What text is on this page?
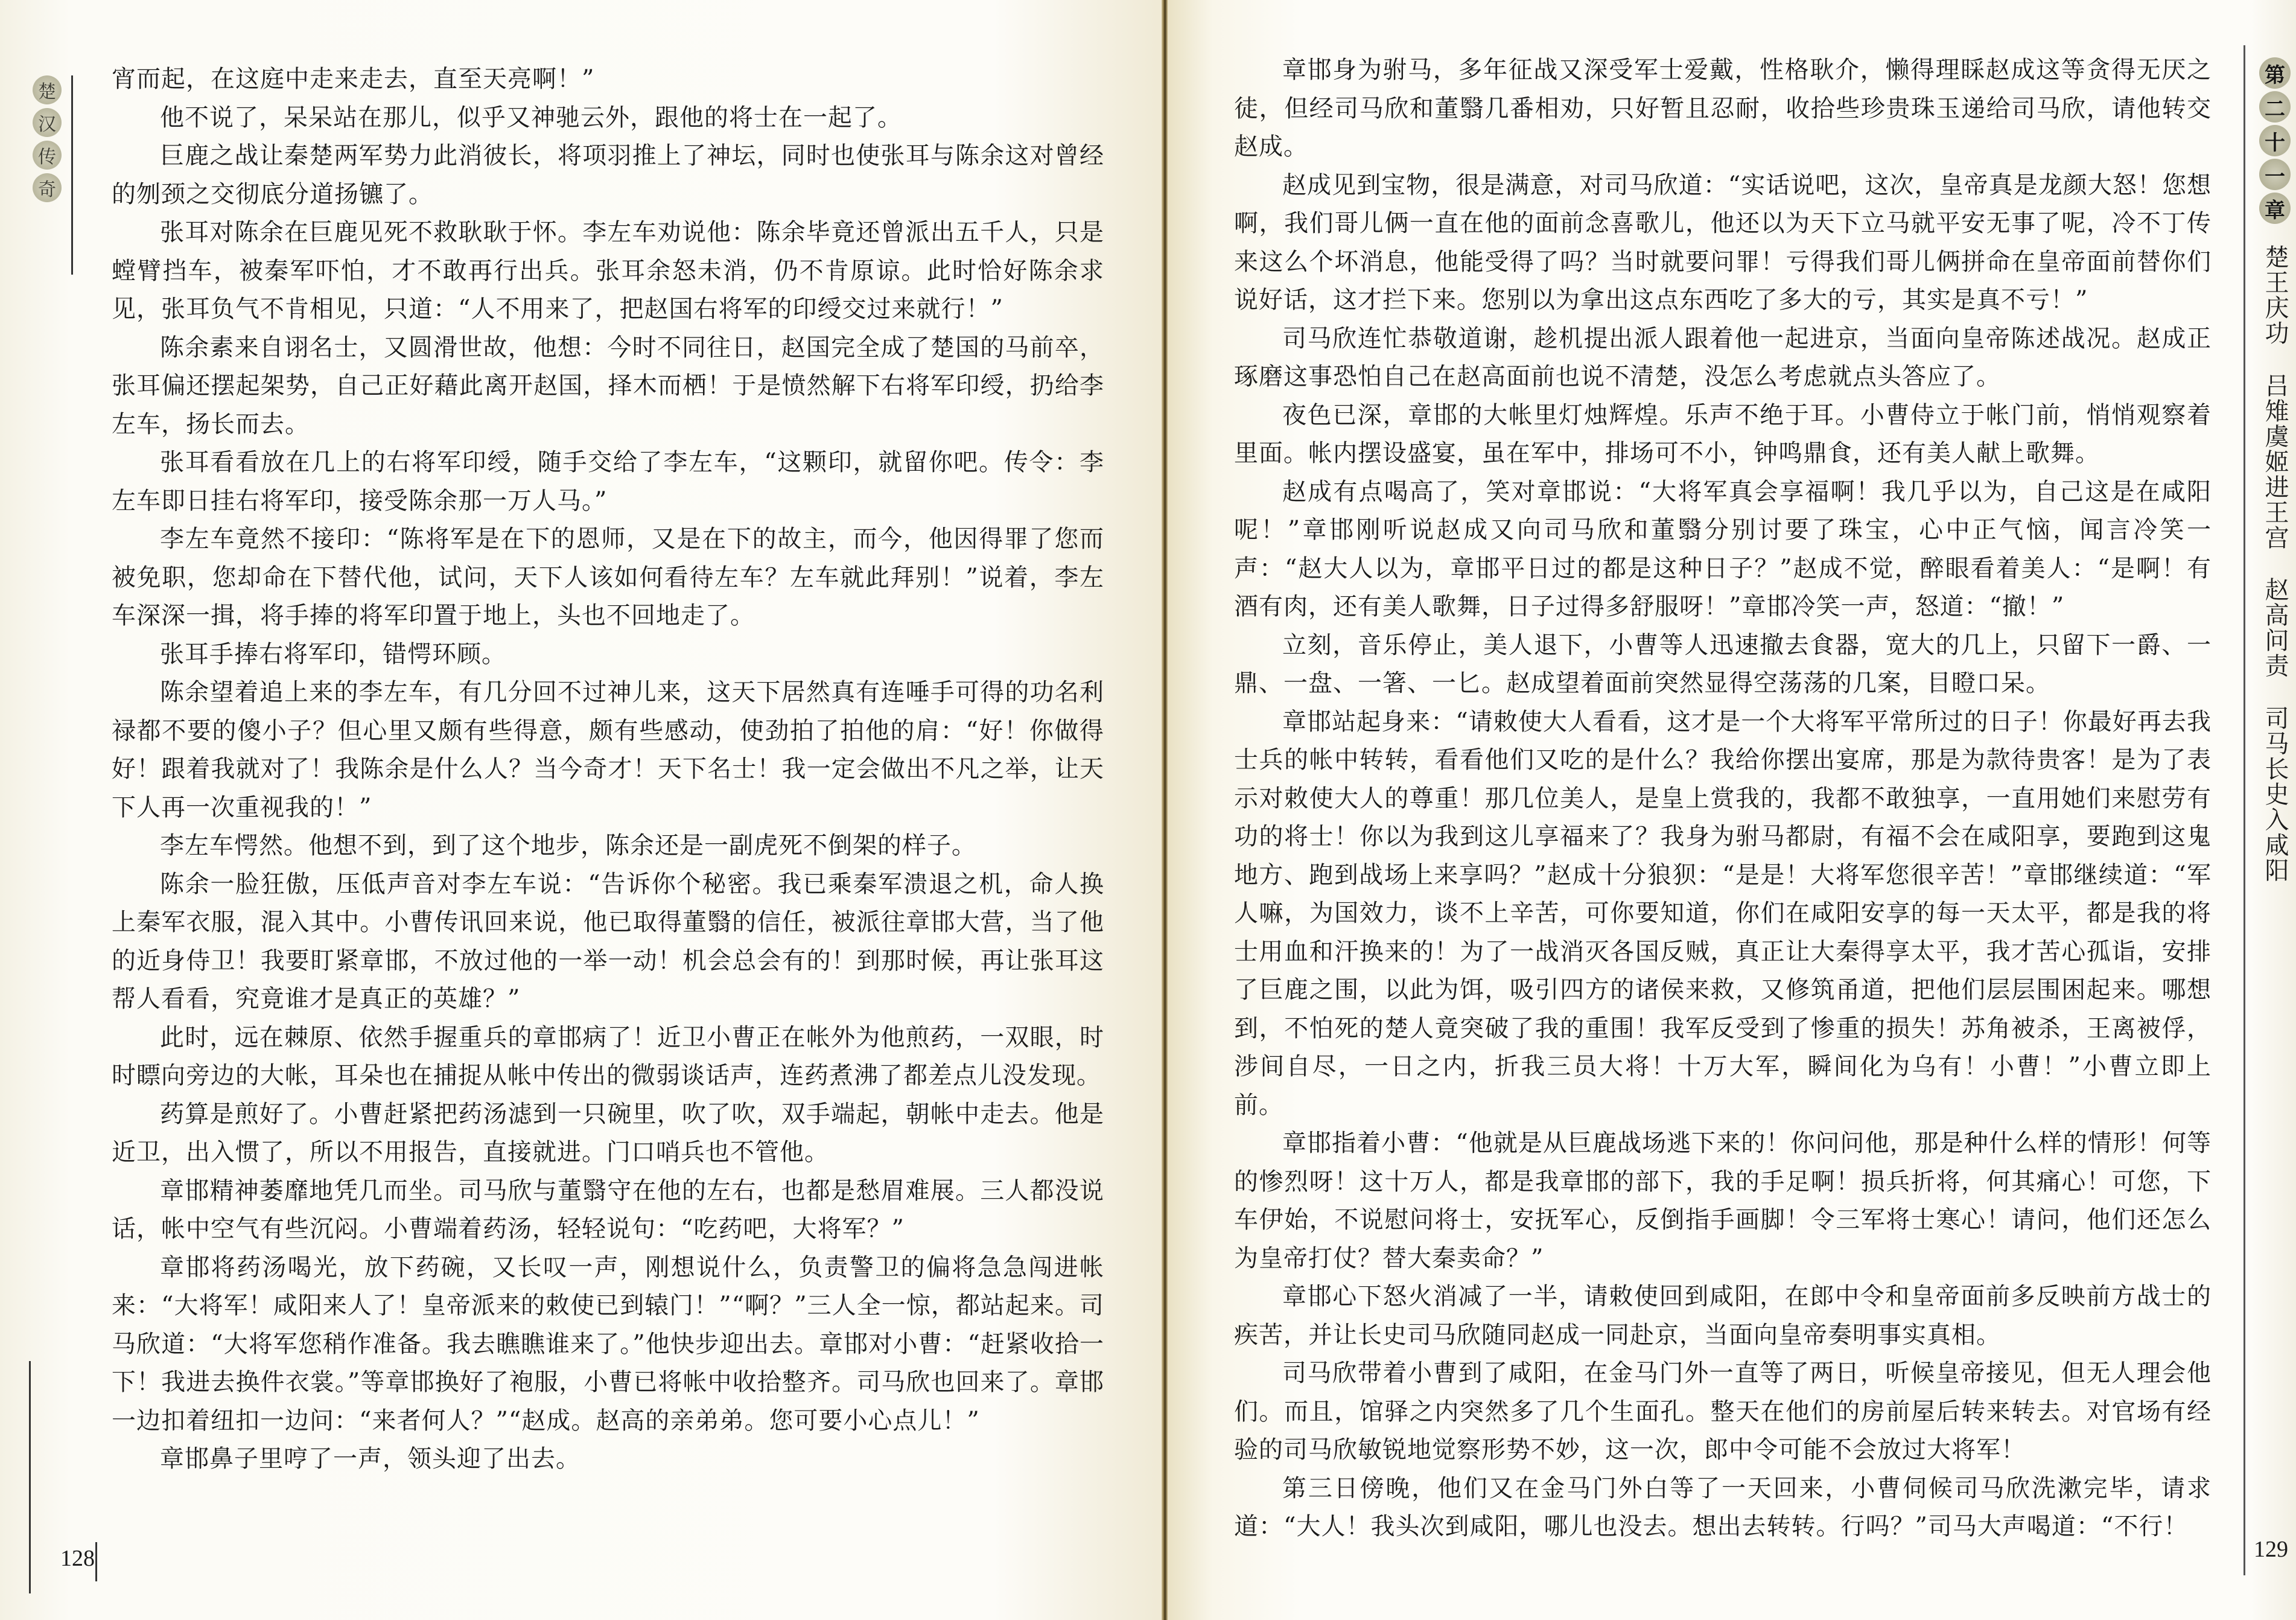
楚
汉
传
奇

宵而起，在这庭中走来走去，直至天亮啊！”

他不说了，呆呆站在那儿，似乎又神驰云外，跟他的将士在一起了。

巨鹿之战让秦楚两军势力此消彼长，将项羽推上了神坛，同时也使张耳与陈余这对曾经的刎颈之交彻底分道扬镳了。

张耳对陈余在巨鹿见死不救耿耿于怀。李左车劝说他：陈余毕竟还曾派出五千人，只是螳臂挡车，被秦军吓怕，才不敢再行出兵。张耳余怒未消，仍不肯原谅。此时恰好陈余求见，张耳负气不肯相见，只道：“人不用来了，把赵国右将军的印绶交过来就行！”

陈余素来自诩名士，又圆滑世故，他想：今时不同往日，赵国完全成了楚国的马前卒，张耳偏还摆起架势，自己正好藉此离开赵国，择木而栖！于是愤然解下右将军印绶，扔给李左车，扬长而去。

张耳看看放在几上的右将军印绶，随手交给了李左车，“这颗印，就留你吧。传令：李左车即日挂右将军印，接受陈余那一万人马。”

李左车竟然不接印：“陈将军是在下的恩师，又是在下的故主，而今，他因得罪了您而被免职，您却命在下替代他，试问，天下人该如何看待左车？左车就此拜别！”说着，李左车深深一揖，将手捧的将军印置于地上，头也不回地走了。

张耳手捧右将军印，错愕环顾。

陈余望着追上来的李左车，有几分回不过神儿来，这天下居然真有连唾手可得的功名利禄都不要的傻小子？但心里又颇有些得意，颇有些感动，使劲拍了拍他的肩：“好！你做得好！跟着我就对了！我陈余是什么人？当今奇才！天下名士！我一定会做出不凡之举，让天下人再一次重视我的！”

李左车愕然。他想不到，到了这个地步，陈余还是一副虎死不倒架的样子。

陈余一脸狂傲，压低声音对李左车说：“告诉你个秘密。我已乘秦军溃退之机，命人换上秦军衣服，混入其中。小曹传讯回来说，他已取得董翳的信任，被派往章邯大营，当了他的近身侍卫！我要盯紧章邯，不放过他的一举一动！机会总会有的！到那时候，再让张耳这帮人看看，究竟谁才是真正的英雄？”

此时，远在棘原、依然手握重兵的章邯病了！近卫小曹正在帐外为他煎药，一双眼，时时瞟向旁边的大帐，耳朵也在捕捉从帐中传出的微弱谈话声，连药煮沸了都差点儿没发现。

药算是煎好了。小曹赶紧把药汤滤到一只碗里，吹了吹，双手端起，朝帐中走去。他是近卫，出入惯了，所以不用报告，直接就进。门口哨兵也不管他。

章邯精神萎靡地凭几而坐。司马欣与董翳守在他的左右，也都是愁眉难展。三人都没说话，帐中空气有些沉闷。小曹端着药汤，轻轻说句：“吃药吧，大将军？”

章邯将药汤喝光，放下药碗，又长叹一声，刚想说什么，负责警卫的偏将急急闯进帐来：“大将军！咸阳来人了！皇帝派来的敕使已到辕门！”“啊？”三人全一惊，都站起来。司马欣道：“大将军您稍作准备。我去瞧瞧谁来了。”他快步迎出去。章邯对小曹：“赶紧收拾一下！我进去换件衣裳。”等章邯换好了袍服，小曹已将帐中收拾整齐。司马欣也回来了。章邯一边扣着纽扣一边问：“来者何人？”“赵成。赵高的亲弟弟。您可要小心点儿！”

章邯鼻子里哼了一声，领头迎了出去。

128

章邯身为驸马，多年征战又深受军士爱戴，性格耿介，懒得理睬赵成这等贪得无厌之徒，但经司马欣和董翳几番相劝，只好暂且忍耐，收拾些珍贵珠玉递给司马欣，请他转交赵成。

赵成见到宝物，很是满意，对司马欣道：“实话说吧，这次，皇帝真是龙颜大怒！您想啊，我们哥儿俩一直在他的面前念喜歌儿，他还以为天下立马就平安无事了呢，冷不丁传来这么个坏消息，他能受得了吗？当时就要问罪！亏得我们哥儿俩拼命在皇帝面前替你们说好话，这才拦下来。您别以为拿出这点东西吃了多大的亏，其实是真不亏！”

司马欣连忙恭敬道谢，趁机提出派人跟着他一起进京，当面向皇帝陈述战况。赵成正琢磨这事恐怕自己在赵高面前也说不清楚，没怎么考虑就点头答应了。

夜色已深，章邯的大帐里灯烛辉煌。乐声不绝于耳。小曹侍立于帐门前，悄悄观察着里面。帐内摆设盛宴，虽在军中，排场可不小，钟鸣鼎食，还有美人献上歌舞。

赵成有点喝高了，笑对章邯说：“大将军真会享福啊！我几乎以为，自己这是在咸阳呢！”章邯刚听说赵成又向司马欣和董翳分别讨要了珠宝，心中正气恼，闻言冷笑一声：“赵大人以为，章邯平日过的都是这种日子？”赵成不觉，醉眼看着美人：“是啊！有酒有肉，还有美人歌舞，日子过得多舒服呀！”章邯冷笑一声，怒道：“撤！”

立刻，音乐停止，美人退下，小曹等人迅速撤去食器，宽大的几上，只留下一爵、一鼎、一盘、一箸、一匕。赵成望着面前突然显得空荡荡的几案，目瞪口呆。

章邯站起身来：“请敕使大人看看，这才是一个大将军平常所过的日子！你最好再去我士兵的帐中转转，看看他们又吃的是什么？我给你摆出宴席，那是为款待贵客！是为了表示对敕使大人的尊重！那几位美人，是皇上赏我的，我都不敢独享，一直用她们来慰劳有功的将士！你以为我到这儿享福来了？我身为驸马都尉，有福不会在咸阳享，要跑到这鬼地方、跑到战场上来享吗？”赵成十分狼狈：“是是！大将军您很辛苦！”章邯继续道：“军人嘛，为国效力，谈不上辛苦，可你要知道，你们在咸阳安享的每一天太平，都是我的将士用血和汗换来的！为了一战消灭各国反贼，真正让大秦得享太平，我才苦心孤诣，安排了巨鹿之围，以此为饵，吸引四方的诸侯来救，又修筑甬道，把他们层层围困起来。哪想到，不怕死的楚人竟突破了我的重围！我军反受到了惨重的损失！苏角被杀，王离被俘，涉间自尽，一日之内，折我三员大将！十万大军，瞬间化为乌有！小曹！”小曹立即上前。

章邯指着小曹：“他就是从巨鹿战场逃下来的！你问问他，那是种什么样的情形！何等的惨烈呀！这十万人，都是我章邯的部下，我的手足啊！损兵折将，何其痛心！可您，下车伊始，不说慰问将士，安抚军心，反倒指手画脚！令三军将士寒心！请问，他们还怎么为皇帝打仗？替大秦卖命？”

章邯心下怒火消减了一半，请敕使回到咸阳，在郎中令和皇帝面前多反映前方战士的疾苦，并让长史司马欣随同赵成一同赴京，当面向皇帝奏明事实真相。

司马欣带着小曹到了咸阳，在金马门外一直等了两日，听候皇帝接见，但无人理会他们。而且，馆驿之内突然多了几个生面孔。整天在他们的房前屋后转来转去。对官场有经验的司马欣敏锐地觉察形势不妙，这一次，郎中令可能不会放过大将军！

第三日傍晚，他们又在金马门外白等了一天回来，小曹伺候司马欣洗漱完毕，请求道：“大人！我头次到咸阳，哪儿也没去。想出去转转。行吗？”司马大声喝道：“不行！

第
二
十
一
章
楚王庆功 吕雉虞姬进王宫 赵高问责 司马长史入咸阳
129
